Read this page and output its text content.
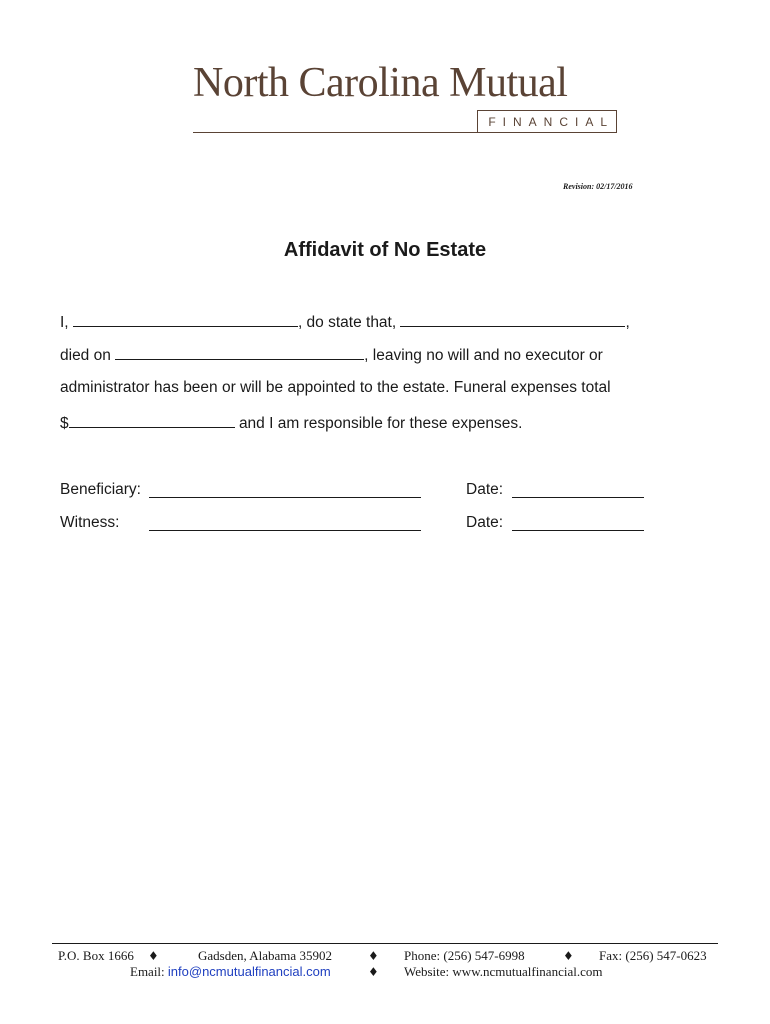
North Carolina Mutual
FINANCIAL
Revision: 02/17/2016
Affidavit of No Estate
I,	, do state that,	,
died on	, leaving no will and no executor or
administrator has been or will be appointed to the estate. Funeral expenses total
$	and I am responsible for these expenses.
Beneficiary:	Date:
Witness:	Date:
P.O. Box 1666 ♦	Gadsden, Alabama 35902	♦ Phone: (256) 547-6998	♦ Fax: (256) 547-0623
Email: info@ncmutualfinancial.com	♦ Website: www.ncmutualfinancial.com
